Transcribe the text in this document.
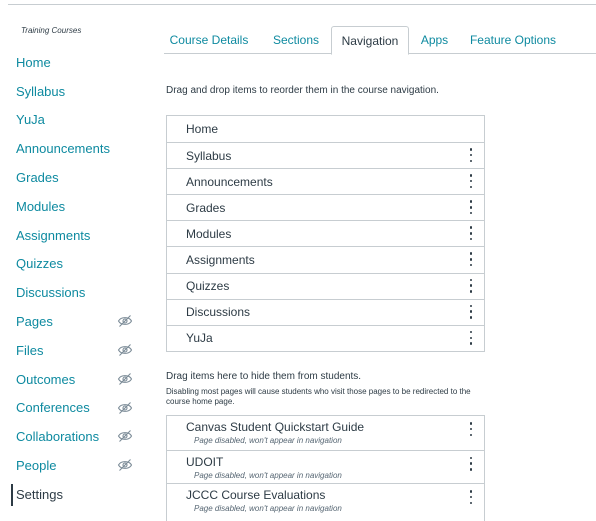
Training Courses
Home
Syllabus
YuJa
Announcements
Grades
Modules
Assignments
Quizzes
Discussions
Pages
Files
Outcomes
Conferences
Collaborations
People
Settings
Course Details	Sections	Navigation	Apps	Feature Options
Drag and drop items to reorder them in the course navigation.
Home
Syllabus
Announcements
Grades
Modules
Assignments
Quizzes
Discussions
YuJa
Drag items here to hide them from students.
Disabling most pages will cause students who visit those pages to be redirected to the course home page.
Canvas Student Quickstart Guide
Page disabled, won't appear in navigation
UDOIT
Page disabled, won't appear in navigation
JCCC Course Evaluations
Page disabled, won't appear in navigation
